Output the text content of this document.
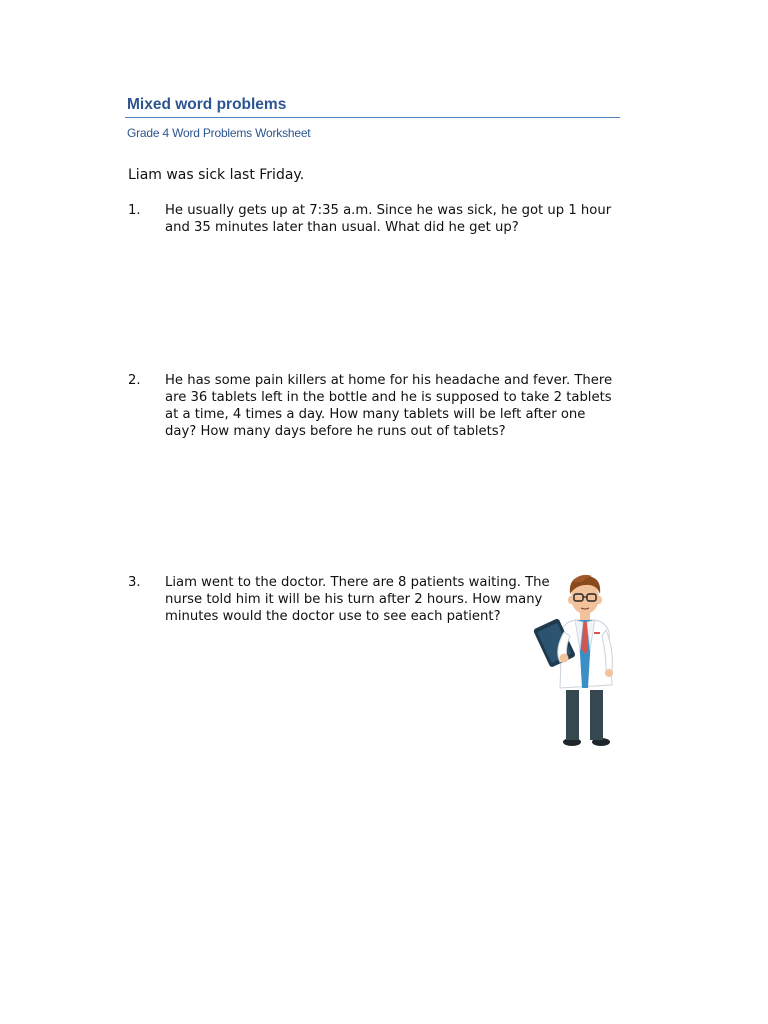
Mixed word problems
Grade 4 Word Problems Worksheet
Liam was sick last Friday.
1. He usually gets up at 7:35 a.m. Since he was sick, he got up 1 hour and 35 minutes later than usual. What did he get up?
2. He has some pain killers at home for his headache and fever. There are 36 tablets left in the bottle and he is supposed to take 2 tablets at a time, 4 times a day. How many tablets will be left after one day? How many days before he runs out of tablets?
3. Liam went to the doctor. There are 8 patients waiting. The nurse told him it will be his turn after 2 hours. How many minutes would the doctor use to see each patient?
